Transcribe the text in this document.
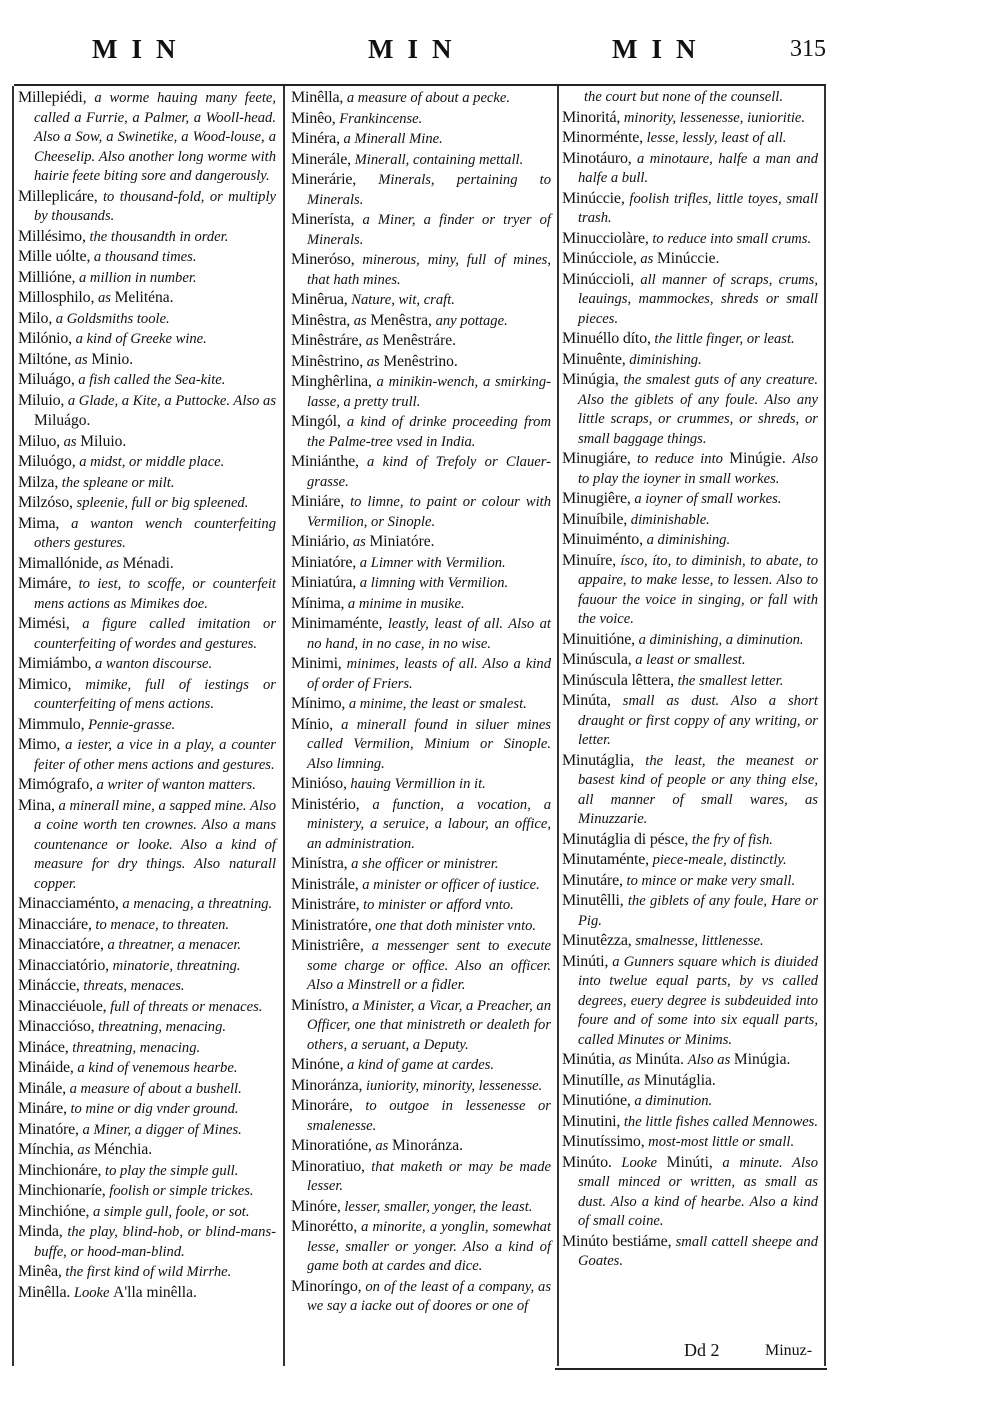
MIN	MIN	MIN	315

Millepiédi, a worme hauing many feete, called a Furrie, a Palmer, a Wooll-head. Also a Sow, a Swinetike, a Wood-louse, a Cheeselip. Also another long worme with hairie feete biting sore and dangerously.

Milleplicáre, to thousand-fold, or multiply by thousands.

Millésimo, the thousandth in order.

Mille uólte, a thousand times.

Millióne, a million in number.

Millosphilo, as Meliténa.

Milo, a Goldsmiths toole.

Milónio, a kind of Greeke wine.

Miltóne, as Minio.

Miluágo, a fish called the Sea-kite.

Miluio, a Glade, a Kite, a Puttocke. Also as Miluágo.

Miluo, as Miluio.

Miluógo, a midst, or middle place.

Milza, the spleane or milt.

Milzóso, spleenie, full or big spleened.

Mima, a wanton wench counterfeiting others gestures.

Mimallónide, as Ménadi.

Mimáre, to iest, to scoffe, or counterfeit mens actions as Mimikes doe.

Mimési, a figure called imitation or counterfeiting of wordes and gestures.

Mimiámbo, a wanton discourse.

Mimico, mimike, full of iestings or counterfeiting of mens actions.

Mimmulo, Pennie-grasse.

Mimo, a iester, a vice in a play, a counter feiter of other mens actions and gestures.

Mimógrafo, a writer of wanton matters.

Mina, a minerall mine, a sapped mine. Also a coine worth ten crownes. Also a mans countenance or looke. Also a kind of measure for dry things. Also naturall copper.

Minacciaménto, a menacing, a threatning.

Minacciáre, to menace, to threaten.

Minacciatóre, a threatner, a menacer.

Minacciatório, minatorie, threatning.

Mináccie, threats, menaces.

Minacciéuole, full of threats or menaces.

Minaccióso, threatning, menacing.

Mináce, threatning, menacing.

Mináide, a kind of venemous hearbe.

Minále, a measure of about a bushell.

Mináre, to mine or dig vnder ground.

Minatóre, a Miner, a digger of Mines.

Mínchia, as Ménchia.

Minchionáre, to play the simple gull.

Minchionaríe, foolish or simple trickes.

Minchióne, a simple gull, foole, or sot.

Minda, the play, blind-hob, or blind-mans-buffe, or hood-man-blind.

Minêa, the first kind of wild Mirrhe.

Minêlla. Looke A'lla minêlla.

Minêlla, a measure of about a pecke.

Minêo, Frankincense.

Minéra, a Minerall Mine.

Minerále, Minerall, containing mettall.

Minerárie, Minerals, pertaining to Minerals.

Minerísta, a Miner, a finder or tryer of Minerals.

Mineróso, minerous, miny, full of mines, that hath mines.

Minêrua, Nature, wit, craft.

Minêstra, as Menêstra, any pottage.

Minêstráre, as Menêstráre.

Minêstrino, as Menêstrino.

Minghêrlina, a minikin-wench, a smirking-lasse, a pretty trull.

Mingól, a kind of drinke proceeding from the Palme-tree vsed in India.

Miniánthe, a kind of Trefoly or Clauer-grasse.

Miniáre, to limne, to paint or colour with Vermilion, or Sinople.

Miniário, as Miniatóre.

Miniatóre, a Limner with Vermilion.

Miniatúra, a limning with Vermilion.

Mínima, a minime in musike.

Minimaménte, leastly, least of all. Also at no hand, in no case, in no wise.

Minimi, minimes, leasts of all. Also a kind of order of Friers.

Mínimo, a minime, the least or smalest.

Mínio, a minerall found in siluer mines called Vermilion, Minium or Sinople. Also limning.

Minióso, hauing Vermillion in it.

Ministério, a function, a vocation, a ministery, a seruice, a labour, an office, an administration.

Minístra, a she officer or ministrer.

Ministrále, a minister or officer of iustice.

Ministráre, to minister or afford vnto.

Ministratóre, one that doth minister vnto.

Ministriêre, a messenger sent to execute some charge or office. Also an officer. Also a Minstrell or a fidler.

Minístro, a Minister, a Vicar, a Preacher, an Officer, one that ministreth or dealeth for others, a seruant, a Deputy.

Minóne, a kind of game at cardes.

Minoránza, iuniority, minority, lessenesse.

Minoráre, to outgoe in lessenesse or smalenesse.

Minoratióne, as Minoránza.

Minoratiuo, that maketh or may be made lesser.

Minóre, lesser, smaller, yonger, the least.

Minorétto, a minorite, a yonglin, somewhat lesse, smaller or yonger. Also a kind of game both at cardes and dice.

Minoríngo, on of the least of a company, as we say a iacke out of doores or one of

the court but none of the counsell.

Minoritá, minority, lessenesse, iunioritie.

Minorménte, lesse, lessly, least of all.

Minotáuro, a minotaure, halfe a man and halfe a bull.

Minúccie, foolish trifles, little toyes, small trash.

Minucciolàre, to reduce into small crums.

Minúcciole, as Minúccie.

Minúccioli, all manner of scraps, crums, leauings, mammockes, shreds or small pieces.

Minuéllo díto, the little finger, or least.

Minuênte, diminishing.

Minúgia, the smalest guts of any creature. Also the giblets of any foule. Also any little scraps, or crummes, or shreds, or small baggage things.

Minugiáre, to reduce into Minúgie. Also to play the ioyner in small workes.

Minugiêre, a ioyner of small workes.

Minuíbile, diminishable.

Minuiménto, a diminishing.

Minuíre, ísco, íto, to diminish, to abate, to appaire, to make lesse, to lessen. Also to fauour the voice in singing, or fall with the voice.

Minuitióne, a diminishing, a diminution.

Minúscula, a least or smallest.

Minúscula lêttera, the smallest letter.

Minúta, small as dust. Also a short draught or first coppy of any writing, or letter.

Minutáglia, the least, the meanest or basest kind of people or any thing else, all manner of small wares, as Minuzzarie.

Minutáglia di pésce, the fry of fish.

Minutaménte, piece-meale, distinctly.

Minutáre, to mince or make very small.

Minutêlli, the giblets of any foule, Hare or Pig.

Minutêzza, smalnesse, littlenesse.

Minúti, a Gunners square which is diuided into twelue equal parts, by vs called degrees, euery degree is subdeuided into foure and of some into six equall parts, called Minutes or Minims.

Minútia, as Minúta. Also as Minúgia.

Minutílle, as Minutáglia.

Minutióne, a diminution.

Minutini, the little fishes called Mennowes.

Minutíssimo, most-most little or small.

Minúto. Looke Minúti, a minute. Also small minced or written, as small as dust. Also a kind of hearbe. Also a kind of small coine.

Minúto bestiáme, small cattell sheepe and Goates.

Dd 2	Minuz-
